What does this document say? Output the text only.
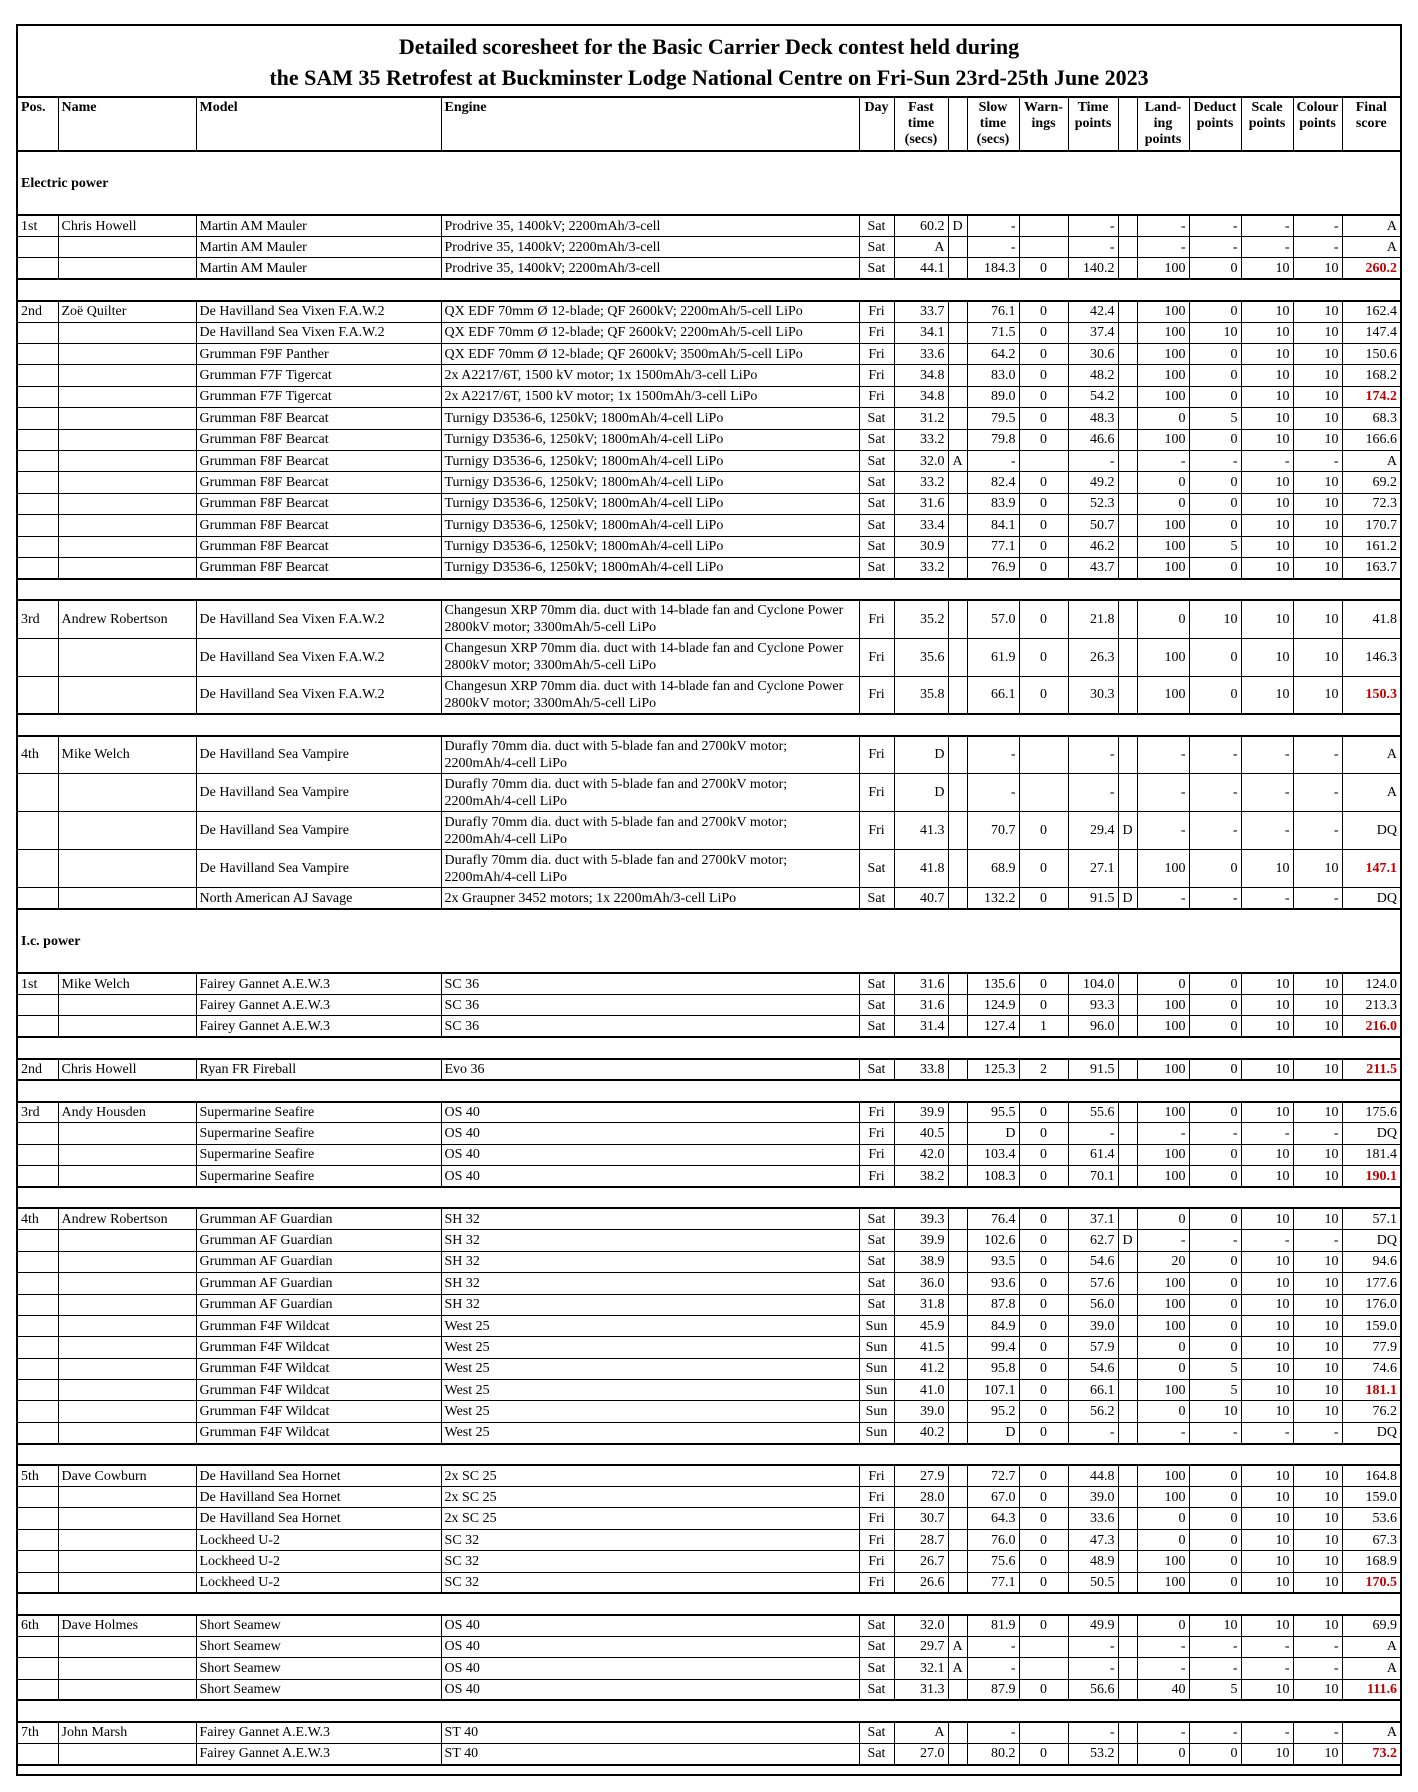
Detailed scoresheet for the Basic Carrier Deck contest held during
the SAM 35 Retrofest at Buckminster Lodge National Centre on Fri-Sun 23rd-25th June 2023
Pos.	Name	Model	Engine	Day	Fast time (secs)		Slow time (secs)	Warn-ings	Time points		Land-ing points	Deduct points	Scale points	Colour points	Final score

Electric power															

1st	Chris Howell	Martin AM Mauler	Prodrive 35, 1400kV; 2200mAh/3-cell	Sat	60.2	D	-		-		-	-	-	-	A
		Martin AM Mauler	Prodrive 35, 1400kV; 2200mAh/3-cell	Sat	A		-		-		-	-	-	-	A
		Martin AM Mauler	Prodrive 35, 1400kV; 2200mAh/3-cell	Sat	44.1		184.3	0	140.2		100	0	10	10	260.2

2nd	Zoë Quilter	De Havilland Sea Vixen F.A.W.2	QX EDF 70mm Ø 12-blade; QF 2600kV; 2200mAh/5-cell LiPo	Fri	33.7		76.1	0	42.4		100	0	10	10	162.4
		De Havilland Sea Vixen F.A.W.2	QX EDF 70mm Ø 12-blade; QF 2600kV; 2200mAh/5-cell LiPo	Fri	34.1		71.5	0	37.4		100	10	10	10	147.4
		Grumman F9F Panther	QX EDF 70mm Ø 12-blade; QF 2600kV; 3500mAh/5-cell LiPo	Fri	33.6		64.2	0	30.6		100	0	10	10	150.6
		Grumman F7F Tigercat	2x A2217/6T, 1500 kV motor; 1x 1500mAh/3-cell LiPo	Fri	34.8		83.0	0	48.2		100	0	10	10	168.2
		Grumman F7F Tigercat	2x A2217/6T, 1500 kV motor; 1x 1500mAh/3-cell LiPo	Fri	34.8		89.0	0	54.2		100	0	10	10	174.2
		Grumman F8F Bearcat	Turnigy D3536-6, 1250kV; 1800mAh/4-cell LiPo	Sat	31.2		79.5	0	48.3		0	5	10	10	68.3
		Grumman F8F Bearcat	Turnigy D3536-6, 1250kV; 1800mAh/4-cell LiPo	Sat	33.2		79.8	0	46.6		100	0	10	10	166.6
		Grumman F8F Bearcat	Turnigy D3536-6, 1250kV; 1800mAh/4-cell LiPo	Sat	32.0	A	-		-		-	-	-	-	A
		Grumman F8F Bearcat	Turnigy D3536-6, 1250kV; 1800mAh/4-cell LiPo	Sat	33.2		82.4	0	49.2		0	0	10	10	69.2
		Grumman F8F Bearcat	Turnigy D3536-6, 1250kV; 1800mAh/4-cell LiPo	Sat	31.6		83.9	0	52.3		0	0	10	10	72.3
		Grumman F8F Bearcat	Turnigy D3536-6, 1250kV; 1800mAh/4-cell LiPo	Sat	33.4		84.1	0	50.7		100	0	10	10	170.7
		Grumman F8F Bearcat	Turnigy D3536-6, 1250kV; 1800mAh/4-cell LiPo	Sat	30.9		77.1	0	46.2		100	5	10	10	161.2
		Grumman F8F Bearcat	Turnigy D3536-6, 1250kV; 1800mAh/4-cell LiPo	Sat	33.2		76.9	0	43.7		100	0	10	10	163.7

3rd	Andrew Robertson	De Havilland Sea Vixen F.A.W.2	Changesun XRP 70mm dia. duct with 14-blade fan and Cyclone Power 2800kV motor; 3300mAh/5-cell LiPo	Fri	35.2		57.0	0	21.8		0	10	10	10	41.8
		De Havilland Sea Vixen F.A.W.2	Changesun XRP 70mm dia. duct with 14-blade fan and Cyclone Power 2800kV motor; 3300mAh/5-cell LiPo	Fri	35.6		61.9	0	26.3		100	0	10	10	146.3
		De Havilland Sea Vixen F.A.W.2	Changesun XRP 70mm dia. duct with 14-blade fan and Cyclone Power 2800kV motor; 3300mAh/5-cell LiPo	Fri	35.8		66.1	0	30.3		100	0	10	10	150.3

4th	Mike Welch	De Havilland Sea Vampire	Durafly 70mm dia. duct with 5-blade fan and 2700kV motor; 2200mAh/4-cell LiPo	Fri	D		-		-		-	-	-	-	A
		De Havilland Sea Vampire	Durafly 70mm dia. duct with 5-blade fan and 2700kV motor; 2200mAh/4-cell LiPo	Fri	D		-		-		-	-	-	-	A
		De Havilland Sea Vampire	Durafly 70mm dia. duct with 5-blade fan and 2700kV motor; 2200mAh/4-cell LiPo	Fri	41.3		70.7	0	29.4	D	-	-	-	-	DQ
		De Havilland Sea Vampire	Durafly 70mm dia. duct with 5-blade fan and 2700kV motor; 2200mAh/4-cell LiPo	Sat	41.8		68.9	0	27.1		100	0	10	10	147.1
		North American AJ Savage	2x Graupner 3452 motors; 1x 2200mAh/3-cell LiPo	Sat	40.7		132.2	0	91.5	D	-	-	-	-	DQ

I.c. power															

1st	Mike Welch	Fairey Gannet A.E.W.3	SC 36	Sat	31.6		135.6	0	104.0		0	0	10	10	124.0
		Fairey Gannet A.E.W.3	SC 36	Sat	31.6		124.9	0	93.3		100	0	10	10	213.3
		Fairey Gannet A.E.W.3	SC 36	Sat	31.4		127.4	1	96.0		100	0	10	10	216.0

2nd	Chris Howell	Ryan FR Fireball	Evo 36	Sat	33.8		125.3	2	91.5		100	0	10	10	211.5

3rd	Andy Housden	Supermarine Seafire	OS 40	Fri	39.9		95.5	0	55.6		100	0	10	10	175.6
		Supermarine Seafire	OS 40	Fri	40.5		D	0	-		-	-	-	-	DQ
		Supermarine Seafire	OS 40	Fri	42.0		103.4	0	61.4		100	0	10	10	181.4
		Supermarine Seafire	OS 40	Fri	38.2		108.3	0	70.1		100	0	10	10	190.1

4th	Andrew Robertson	Grumman AF Guardian	SH 32	Sat	39.3		76.4	0	37.1		0	0	10	10	57.1
		Grumman AF Guardian	SH 32	Sat	39.9		102.6	0	62.7	D	-	-	-	-	DQ
		Grumman AF Guardian	SH 32	Sat	38.9		93.5	0	54.6		20	0	10	10	94.6
		Grumman AF Guardian	SH 32	Sat	36.0		93.6	0	57.6		100	0	10	10	177.6
		Grumman AF Guardian	SH 32	Sat	31.8		87.8	0	56.0		100	0	10	10	176.0
		Grumman F4F Wildcat	West 25	Sun	45.9		84.9	0	39.0		100	0	10	10	159.0
		Grumman F4F Wildcat	West 25	Sun	41.5		99.4	0	57.9		0	0	10	10	77.9
		Grumman F4F Wildcat	West 25	Sun	41.2		95.8	0	54.6		0	5	10	10	74.6
		Grumman F4F Wildcat	West 25	Sun	41.0		107.1	0	66.1		100	5	10	10	181.1
		Grumman F4F Wildcat	West 25	Sun	39.0		95.2	0	56.2		0	10	10	10	76.2
		Grumman F4F Wildcat	West 25	Sun	40.2		D	0	-		-	-	-	-	DQ

5th	Dave Cowburn	De Havilland Sea Hornet	2x SC 25	Fri	27.9		72.7	0	44.8		100	0	10	10	164.8
		De Havilland Sea Hornet	2x SC 25	Fri	28.0		67.0	0	39.0		100	0	10	10	159.0
		De Havilland Sea Hornet	2x SC 25	Fri	30.7		64.3	0	33.6		0	0	10	10	53.6
		Lockheed U-2	SC 32	Fri	28.7		76.0	0	47.3		0	0	10	10	67.3
		Lockheed U-2	SC 32	Fri	26.7		75.6	0	48.9		100	0	10	10	168.9
		Lockheed U-2	SC 32	Fri	26.6		77.1	0	50.5		100	0	10	10	170.5

6th	Dave Holmes	Short Seamew	OS 40	Sat	32.0		81.9	0	49.9		0	10	10	10	69.9
		Short Seamew	OS 40	Sat	29.7	A	-		-		-	-	-	-	A
		Short Seamew	OS 40	Sat	32.1	A	-		-		-	-	-	-	A
		Short Seamew	OS 40	Sat	31.3		87.9	0	56.6		40	5	10	10	111.6

7th	John Marsh	Fairey Gannet A.E.W.3	ST 40	Sat	A		-		-		-	-	-	-	A
		Fairey Gannet A.E.W.3	ST 40	Sat	27.0		80.2	0	53.2		0	0	10	10	73.2
